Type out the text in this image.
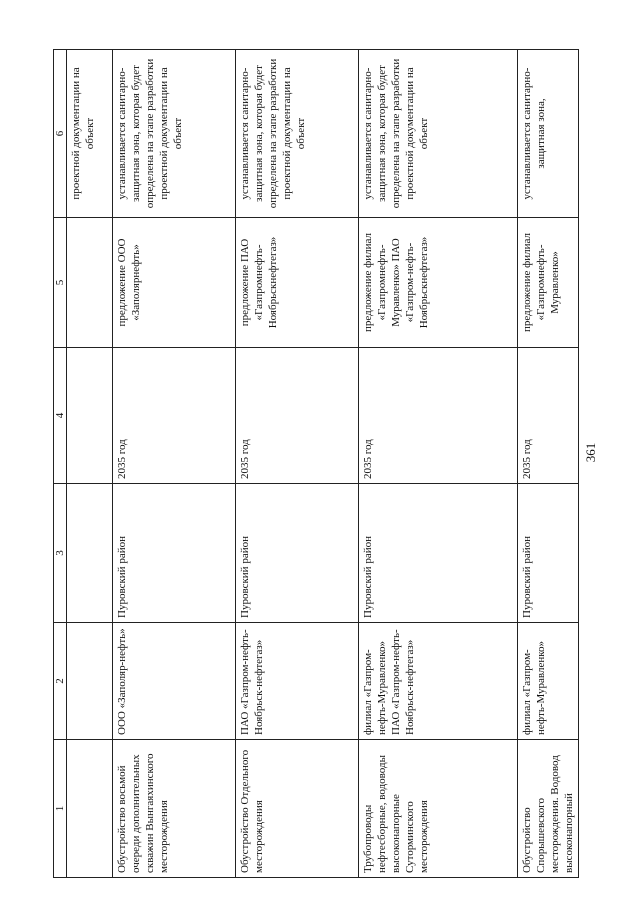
361
1	2	3	4	5	6
					проектной документации на объект
Обустройство восьмой очереди дополнительных скважин Вынгаяхинского месторождения	ООО «Заполяр-нефть»	Пуровский район	2035 год	предложение ООО «Заполярнефть»	устанавливается санитарно-защитная зона, которая будет определена на этапе разработки проектной документации на объект
Обустройство Отдельного месторождения	ПАО «Газпром-нефть-Ноябрьск-нефтегаз»	Пуровский район	2035 год	предложение ПАО «Газпромнефть-Ноябрьскнефтегаз»	устанавливается санитарно-защитная зона, которая будет определена на этапе разработки проектной документации на объект
Трубопроводы нефтесборные, водоводы высоконапорные Суторминского месторождения	филиал «Газпром-нефть-Муравленко» ПАО «Газпром-нефть-Ноябрьск-нефтегаз»	Пуровский район	2035 год	предложение филиал «Газпромнефть-Муравленко» ПАО «Газпром-нефть-Ноябрьскнефтегаз»	устанавливается санитарно-защитная зона, которая будет определена на этапе разработки проектной документации на объект
Обустройство Спорышевского месторождения. Водовод высоконапорный	филиал «Газпром-нефть-Муравленко»	Пуровский район	2035 год	предложение филиал «Газпромнефть-Муравленко»	устанавливается санитарно-защитная зона,
